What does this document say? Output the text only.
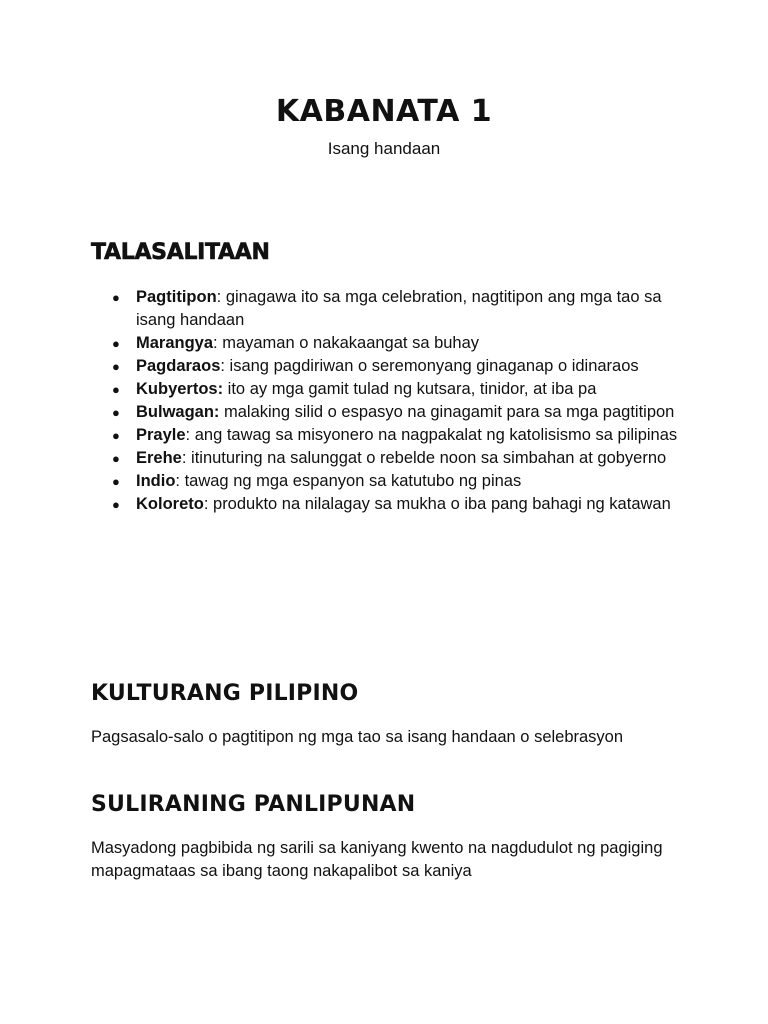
KABANATA 1

Isang handaan

TALASALITAAN
● Pagtitipon: ginagawa ito sa mga celebration, nagtitipon ang mga tao sa isang handaan
● Marangya: mayaman o nakakaangat sa buhay
● Pagdaraos: isang pagdiriwan o seremonyang ginaganap o idinaraos
● Kubyertos: ito ay mga gamit tulad ng kutsara, tinidor, at iba pa
● Bulwagan: malaking silid o espasyo na ginagamit para sa mga pagtitipon
● Prayle: ang tawag sa misyonero na nagpakalat ng katolisismo sa pilipinas
● Erehe: itinuturing na salunggat o rebelde noon sa simbahan at gobyerno
● Indio: tawag ng mga espanyon sa katutubo ng pinas
● Koloreto: produkto na nilalagay sa mukha o iba pang bahagi ng katawan
KULTURANG PILIPINO

Pagsasalo-salo o pagtitipon ng mga tao sa isang handaan o selebrasyon

SULIRANING PANLIPUNAN

Masyadong pagbibida ng sarili sa kaniyang kwento na nagdudulot ng pagiging mapagmataas sa ibang taong nakapalibot sa kaniya
